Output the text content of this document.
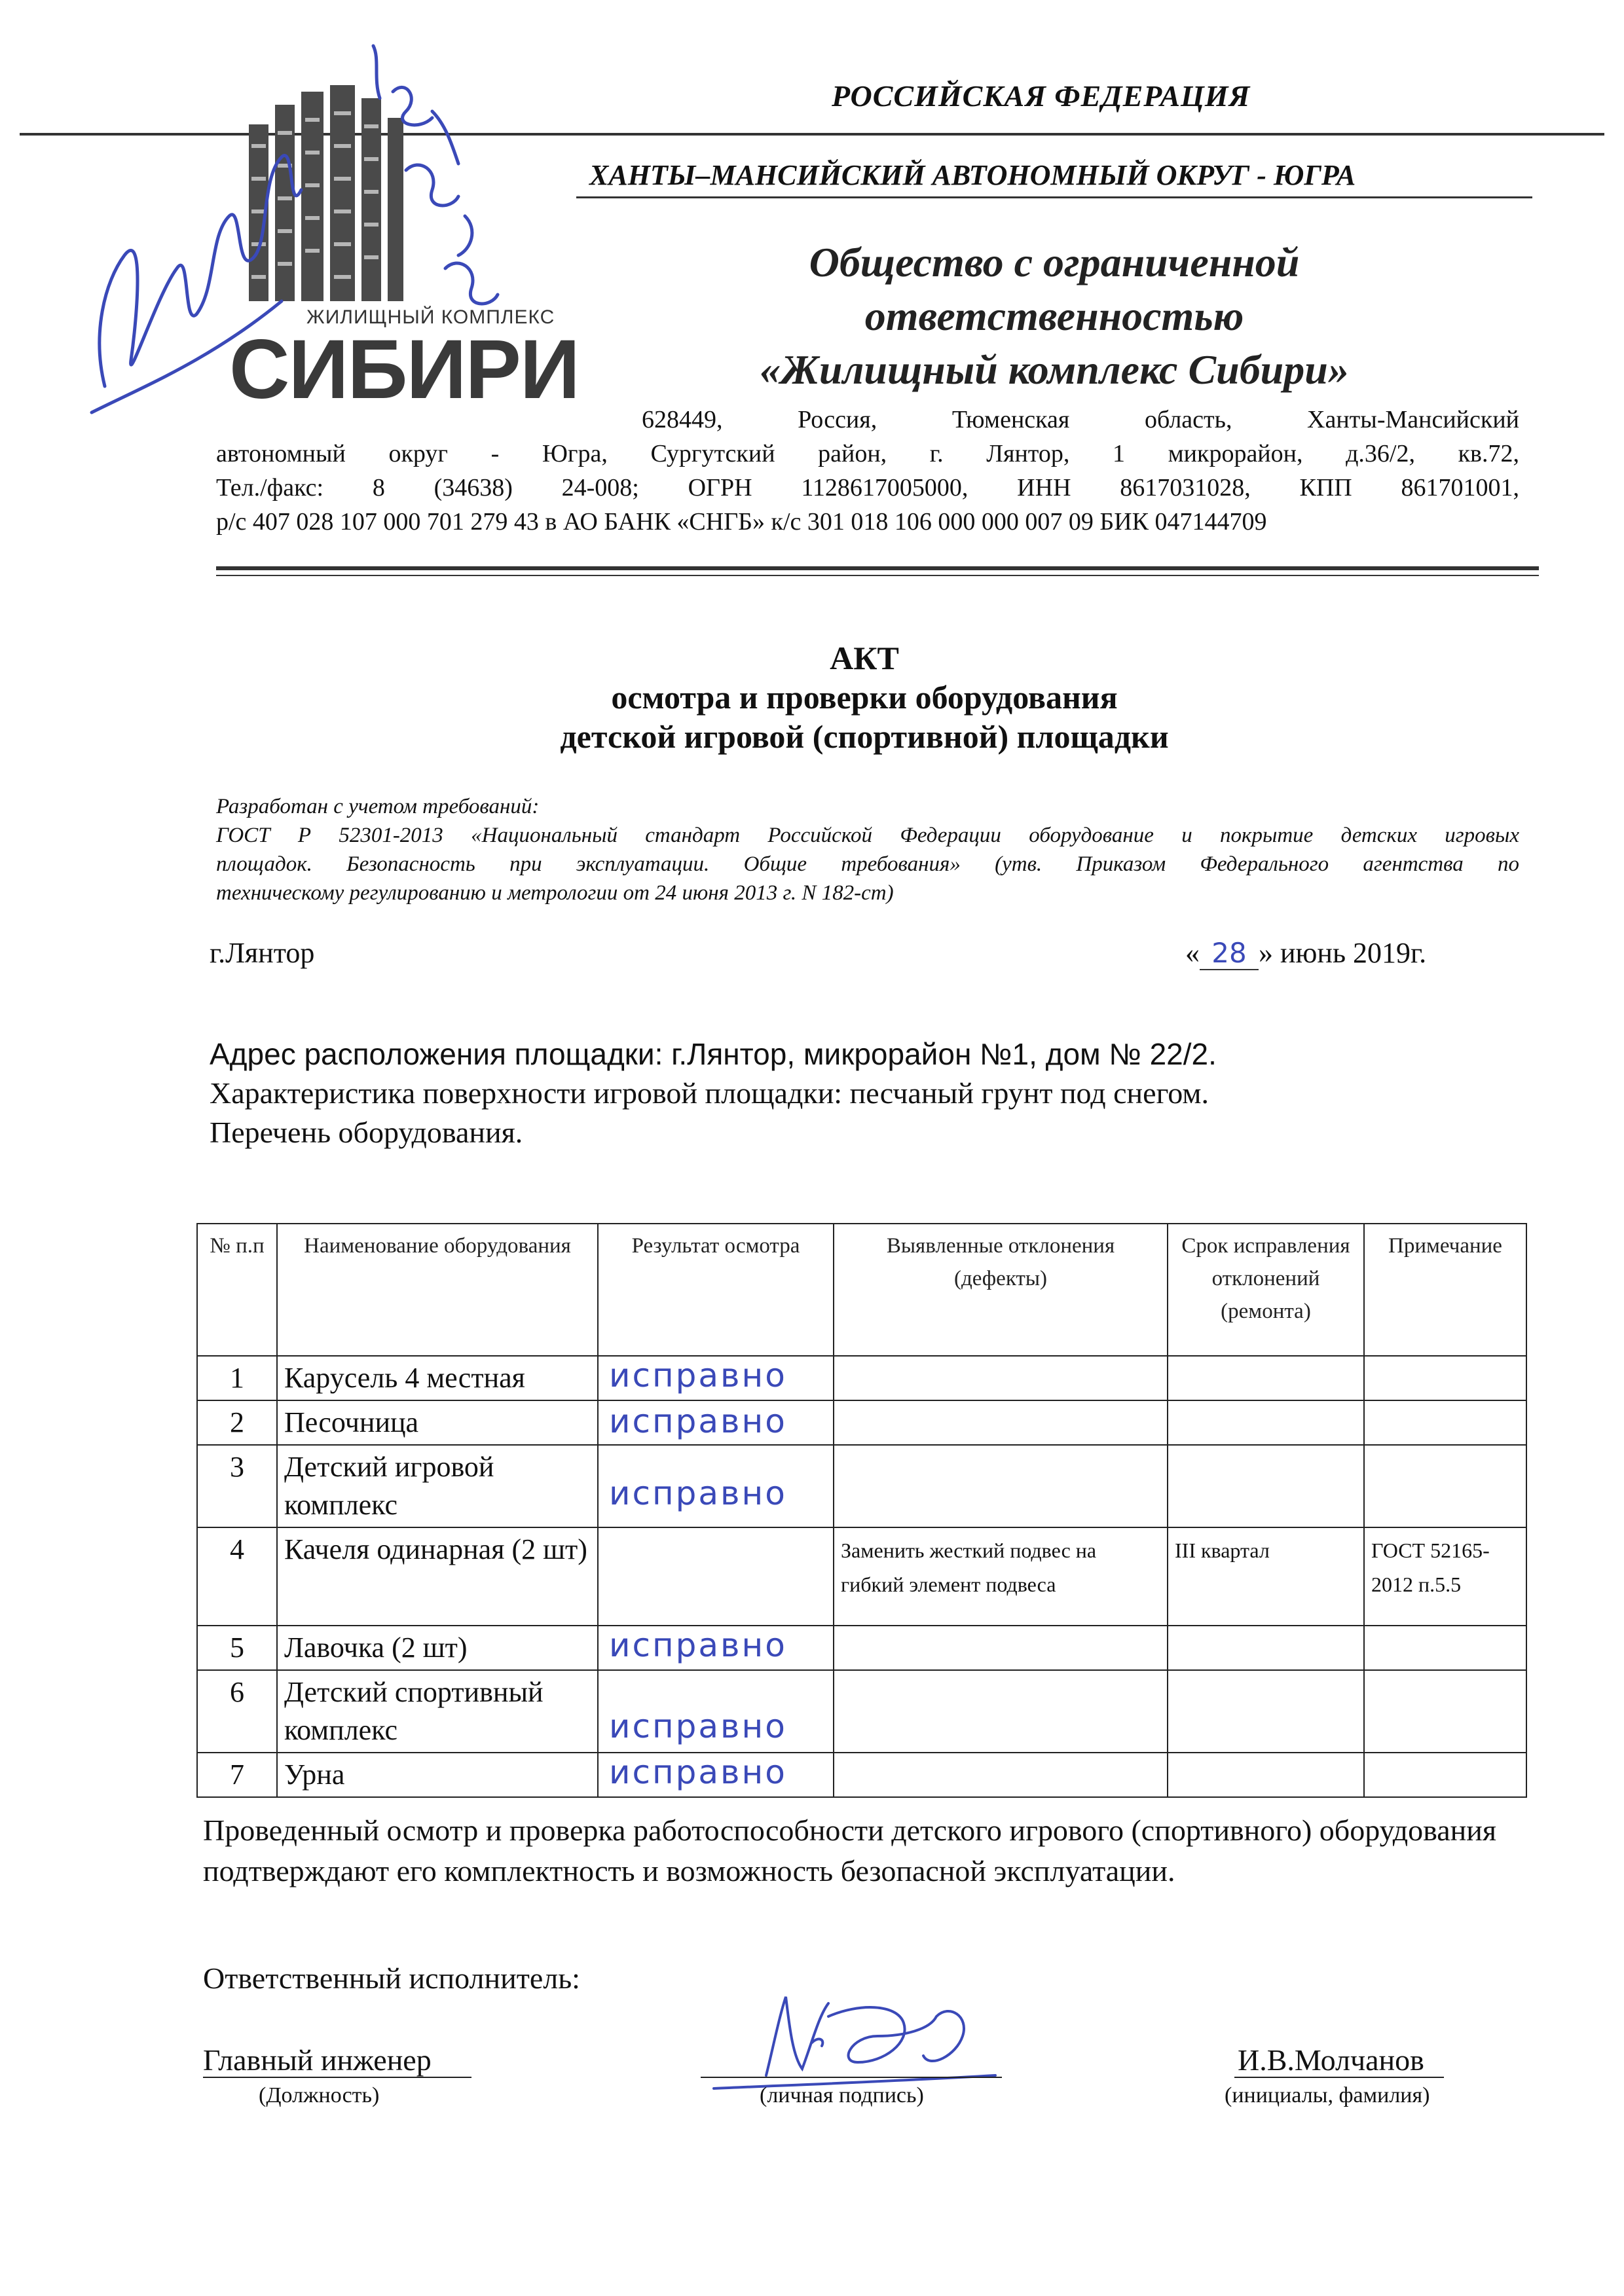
РОССИЙСКАЯ ФЕДЕРАЦИЯ
ХАНТЫ–МАНСИЙСКИЙ АВТОНОМНЫЙ ОКРУГ - ЮГРА
ЖИЛИЩНЫЙ КОМПЛЕКС
СИБИРИ
Общество с ограниченной
ответственностью
«Жилищный комплекс Сибири»

628449, Россия, Тюменская область, Ханты-Мансийский

автономный округ - Югра, Сургутский район, г. Лянтор, 1 микрорайон, д.36/2, кв.72,

Тел./факс: 8 (34638) 24-008; ОГРН 1128617005000, ИНН 8617031028, КПП 861701001,

р/с 407 028 107 000 701 279 43 в АО БАНК «СНГБ» к/с 301 018 106 000 000 007 09 БИК 047144709

АКТ
осмотра и проверки оборудования
детской игровой (спортивной) площадки
Разработан с учетом требований:
ГОСТ Р 52301-2013 «Национальный стандарт Российской Федерации оборудование и покрытие детских игровых
площадок. Безопасность при эксплуатации. Общие требования» (утв. Приказом Федерального агентства по
техническому регулированию и метрологии от 24 июня 2013 г. N 182-ст)
г.Лянтор	« 28 » июнь 2019г.
Адрес расположения площадки: г.Лянтор, микрорайон №1, дом № 22/2.
Характеристика поверхности игровой площадки: песчаный грунт под снегом.
Перечень оборудования.
№ п.п	Наименование оборудования	Результат осмотра	Выявленные отклонения (дефекты)	Срок исправления отклонений (ремонта)	Примечание
1	Карусель 4 местная	исправно			

2	Песочница	исправно			

3	Детский игровой комплекс	исправно			

4	Качеля одинарная (2 шт)		Заменить жесткий подвес на гибкий элемент подвеса	III квартал	ГОСТ 52165-2012 п.5.5
5	Лавочка (2 шт)	исправно			

6	Детский спортивный комплекс	исправно			

7	Урна	исправно			

Проведенный осмотр и проверка работоспособности детского игрового (спортивного) оборудования подтверждают его комплектность и возможность безопасной эксплуатации.
Ответственный исполнитель:
Главный инженер
(Должность)	(личная подпись)
И.В.Молчанов
(инициалы, фамилия)
